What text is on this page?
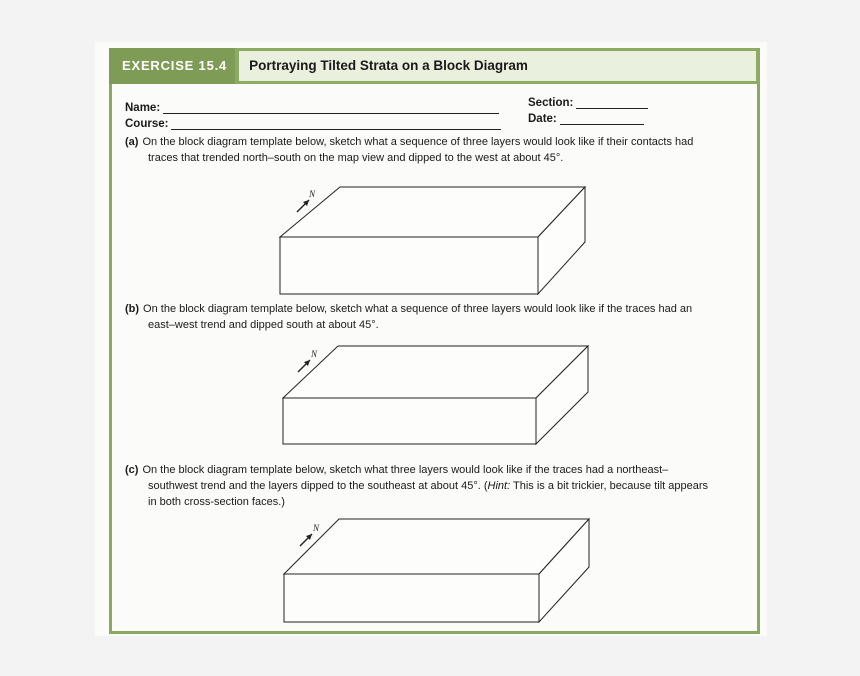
EXERCISE 15.4	Portraying Tilted Strata on a Block Diagram
Name:
Course:
Section:
Date:
(a) On the block diagram template below, sketch what a sequence of three layers would look like if their contacts had
traces that trended north–south on the map view and dipped to the west at about 45°.
N
(b) On the block diagram template below, sketch what a sequence of three layers would look like if the traces had an
east–west trend and dipped south at about 45°.
N
(c) On the block diagram template below, sketch what three layers would look like if the traces had a northeast–
southwest trend and the layers dipped to the southeast at about 45°. (Hint: This is a bit trickier, because tilt appears
in both cross-section faces.)
N
